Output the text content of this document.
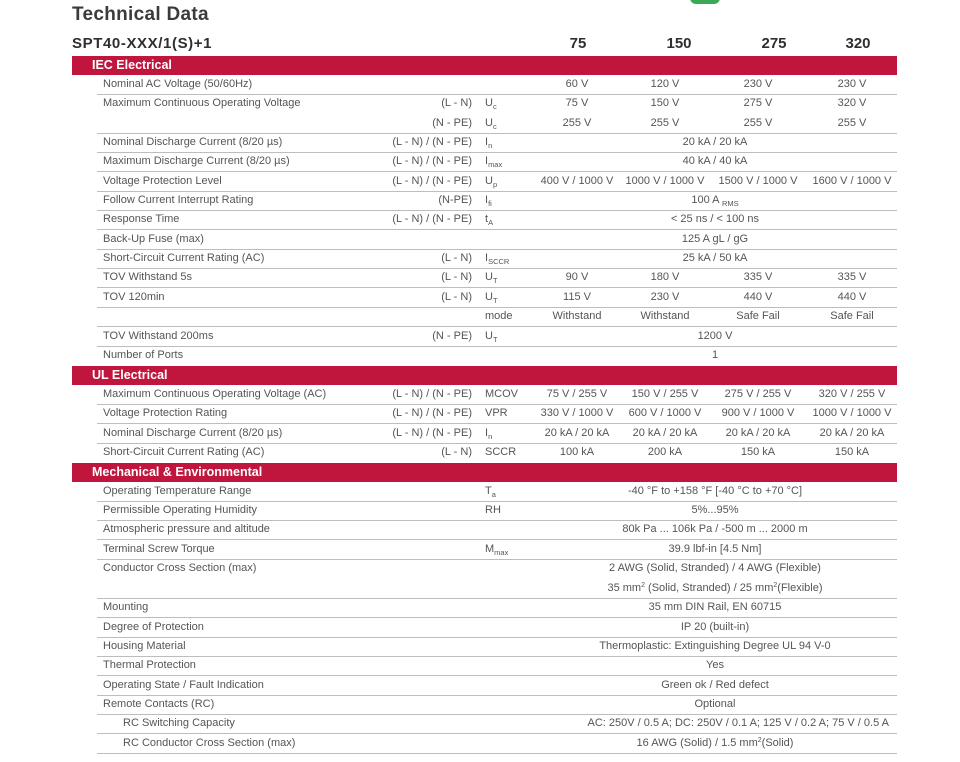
Technical Data
SPT40-XXX/1(S)+1	75	150	275	320
IEC Electrical
Nominal AC Voltage (50/60Hz)	60 V	120 V	230 V	230 V
Maximum Continuous Operating Voltage	(L - N) $U_c$	75 V	150 V	275 V	320 V
(N - PE) $U_c$	255 V	255 V	255 V	255 V
Nominal Discharge Current (8/20 µs)	(L - N) / (N - PE) $I_n$	20 kA / 20 kA
Maximum Discharge Current (8/20 µs)	(L - N) / (N - PE) $I_{max}$	40 kA / 40 kA
Voltage Protection Level	(L - N) / (N - PE) $U_p$	400 V / 1000 V	1000 V / 1000 V	1500 V / 1000 V	1600 V / 1000 V
Follow Current Interrupt Rating	(N-PE) $I_{fi}$	100 A $_{RMS}$
Response Time	(L - N) / (N - PE) $t_A$	< 25 ns / < 100 ns
Back-Up Fuse (max)	125 A gL / gG
Short-Circuit Current Rating (AC)	(L - N) $I_{SCCR}$	25 kA / 50 kA
TOV Withstand 5s	(L - N) $U_T$	90 V	180 V	335 V	335 V
TOV 120min	(L - N) $U_T$	115 V	230 V	440 V	440 V
mode	Withstand	Withstand	Safe Fail	Safe Fail
TOV Withstand 200ms	(N - PE) $U_T$	1200 V
Number of Ports	1
UL Electrical
Maximum Continuous Operating Voltage (AC)	(L - N) / (N - PE) MCOV	75 V / 255 V	150 V / 255 V	275 V / 255 V	320 V / 255 V
Voltage Protection Rating	(L - N) / (N - PE) VPR	330 V / 1000 V	600 V / 1000 V	900 V / 1000 V	1000 V / 1000 V
Nominal Discharge Current (8/20 µs)	(L - N) / (N - PE) $I_n$	20 kA / 20 kA	20 kA / 20 kA	20 kA / 20 kA	20 kA / 20 kA
Short-Circuit Current Rating (AC)	(L - N) SCCR	100 kA	200 kA	150 kA	150 kA
Mechanical & Environmental
Operating Temperature Range	$T_a$	-40 °F to +158 °F [-40 °C to +70 °C]
Permissible Operating Humidity	RH	5%...95%
Atmospheric pressure and altitude	80k Pa ... 106k Pa / -500 m ... 2000 m
Terminal Screw Torque	$M_{max}$	39.9 lbf-in [4.5 Nm]
Conductor Cross Section (max)	2 AWG (Solid, Stranded) / 4 AWG (Flexible)
35 $mm^2$ (Solid, Stranded) / 25 $mm^2(Flexible)$
Mounting	35 mm DIN Rail, EN 60715
Degree of Protection	IP 20 (built-in)
Housing Material	Thermoplastic: Extinguishing Degree UL 94 V-0
Thermal Protection	Yes
Operating State / Fault Indication	Green ok / Red defect
Remote Contacts (RC)	Optional
RC Switching Capacity	AC: 250V / 0.5 A; DC: 250V / 0.1 A; 125 V / 0.2 A; 75 V / 0.5 A
RC Conductor Cross Section (max)	16 AWG (Solid) / 1.5 $mm^2(Solid)$
